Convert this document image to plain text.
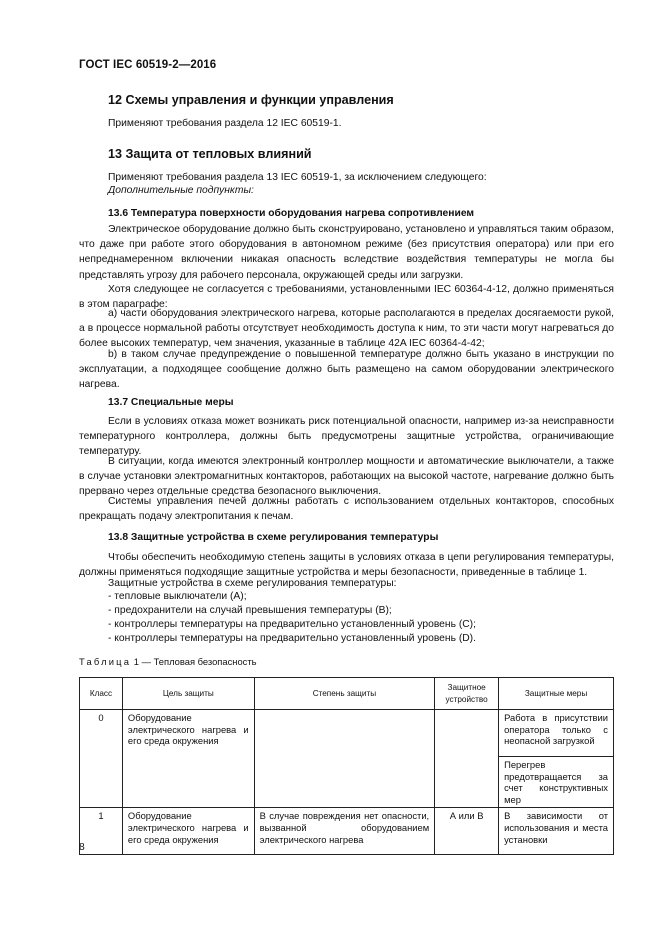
ГОСТ IEC 60519-2—2016
12 Схемы управления и функции управления
Применяют требования раздела 12 IEC 60519-1.
13 Защита от тепловых влияний
Применяют требования раздела 13 IEC 60519-1, за исключением следующего:
Дополнительные подпункты:
13.6 Температура поверхности оборудования нагрева сопротивлением

Электрическое оборудование должно быть сконструировано, установлено и управляться таким образом, что даже при работе этого оборудования в автономном режиме (без присутствия оператора) или при его непреднамеренном включении никакая опасность вследствие воздействия температуры не могла бы представлять угрозу для рабочего персонала, окружающей среды или загрузки.

Хотя следующее не согласуется с требованиями, установленными IEC 60364-4-12, должно применяться в этом параграфе:

a) части оборудования электрического нагрева, которые располагаются в пределах досягаемости рукой, а в процессе нормальной работы отсутствует необходимость доступа к ним, то эти части могут нагреваться до более высоких температур, чем значения, указанные в таблице 42A IEC 60364-4-42;

b) в таком случае предупреждение о повышенной температуре должно быть указано в инструкции по эксплуатации, а подходящее сообщение должно быть размещено на самом оборудовании электрического нагрева.

13.7 Специальные меры

Если в условиях отказа может возникать риск потенциальной опасности, например из-за неисправности температурного контроллера, должны быть предусмотрены защитные устройства, ограничивающие температуру.

В ситуации, когда имеются электронный контроллер мощности и автоматические выключатели, а также в случае установки электромагнитных контакторов, работающих на высокой частоте, нагревание должно быть прервано через отдельные средства безопасного выключения.

Системы управления печей должны работать с использованием отдельных контакторов, способных прекращать подачу электропитания к печам.

13.8 Защитные устройства в схеме регулирования температуры

Чтобы обеспечить необходимую степень защиты в условиях отказа в цепи регулирования температуры, должны применяться подходящие защитные устройства и меры безопасности, приведенные в таблице 1.

Защитные устройства в схеме регулирования температуры:
- тепловые выключатели (А);
- предохранители на случай превышения температуры (В);
- контроллеры температуры на предварительно установленный уровень (С);
- контроллеры температуры на предварительно установленный уровень (D).
Таблица 1 — Тепловая безопасность
Класс	Цель защиты	Степень защиты	Защитное устройство	Защитные меры
0	Оборудование электрического нагрева и его среда окружения			Работа в присутствии оператора только с неопасной загрузкой
				Перегрев предотвращается за счет конструктивных мер
1	Оборудование электрического нагрева и его среда окружения	В случае повреждения нет опасности, вызванной оборудованием электрического нагрева	А или В	В зависимости от использования и места установки
8
